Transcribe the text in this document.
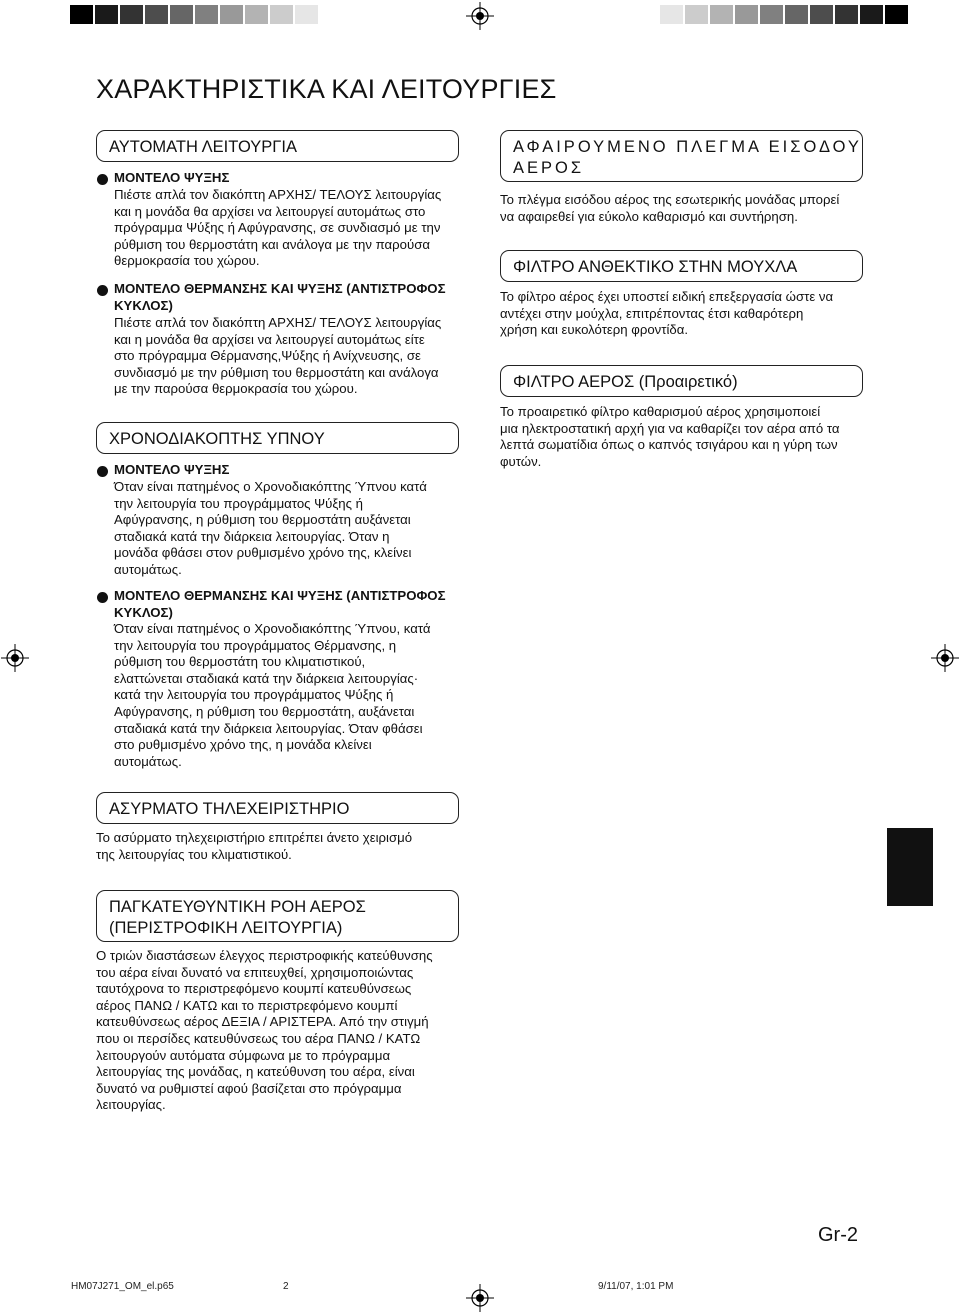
ΧΑΡΑΚΤΗΡΙΣΤΙΚΑ ΚΑΙ ΛΕΙΤΟΥΡΓΙΕΣ
ΑΥΤΟΜΑΤΗ ΛΕΙΤΟΥΡΓΙΑ
ΜΟΝΤΕΛΟ ΨΥΞΗΣ
Πιέστε απλά τον διακόπτη ΑΡΧΗΣ/ ΤΕΛΟΥΣ λειτουργίας
και η μονάδα θα αρχίσει να λειτουργεί αυτομάτως στο
πρόγραμμα Ψύξης ή Αφύγρανσης, σε συνδιασμό με την
ρύθμιση του θερμοστάτη και ανάλογα με την παρούσα
θερμοκρασία του χώρου.
ΜΟΝΤΕΛΟ ΘΕΡΜΑΝΣΗΣ ΚΑΙ ΨΥΞΗΣ (ΑΝΤΙΣΤΡΟΦΟΣ
ΚΥΚΛΟΣ)
Πιέστε απλά τον διακόπτη ΑΡΧΗΣ/ ΤΕΛΟΥΣ λειτουργίας
και η μονάδα θα αρχίσει να λειτουργεί αυτομάτως είτε
στο πρόγραμμα Θέρμανσης,Ψύξης ή Ανίχνευσης, σε
συνδιασμό με την ρύθμιση του θερμοστάτη και ανάλογα
με την παρούσα θερμοκρασία του χώρου.
ΧΡΟΝΟΔΙΑΚΟΠΤΗΣ ΥΠΝΟΥ
ΜΟΝΤΕΛΟ ΨΥΞΗΣ
Όταν είναι πατημένος ο Χρονοδιακόπτης Ύπνου κατά
την λειτουργία του προγράμματος Ψύξης ή
Αφύγρανσης, η ρύθμιση του θερμοστάτη αυξάνεται
σταδιακά κατά την διάρκεια λειτουργίας. Όταν η
μονάδα φθάσει στον ρυθμισμένο χρόνο της, κλείνει
αυτομάτως.
ΜΟΝΤΕΛΟ ΘΕΡΜΑΝΣΗΣ ΚΑΙ ΨΥΞΗΣ (ΑΝΤΙΣΤΡΟΦΟΣ
ΚΥΚΛΟΣ)
Όταν είναι πατημένος ο Χρονοδιακόπτης Ύπνου, κατά
την λειτουργία του προγράμματος Θέρμανσης, η
ρύθμιση του θερμοστάτη του κλιματιστικού,
ελαττώνεται σταδιακά κατά την διάρκεια λειτουργίας·
κατά την λειτουργία του προγράμματος Ψύξης ή
Αφύγρανσης, η ρύθμιση του θερμοστάτη, αυξάνεται
σταδιακά κατά την διάρκεια λειτουργίας. Όταν φθάσει
στο ρυθμισμένο χρόνο της, η μονάδα κλείνει
αυτομάτως.
ΑΣΥΡΜΑΤΟ ΤΗΛΕΧΕΙΡΙΣΤΗΡΙΟ
Το ασύρματο τηλεχειριστήριο επιτρέπει άνετο χειρισμό
της λειτουργίας του κλιματιστικού.
ΠΑΓΚΑΤΕΥΘΥΝΤΙΚΗ ΡΟΗ ΑΕΡΟΣ
(ΠΕΡΙΣΤΡΟΦΙΚΗ ΛΕΙΤΟΥΡΓΙΑ)
Ο τριών διαστάσεων έλεγχος περιστροφικής κατεύθυνσης
του αέρα είναι δυνατό να επιτευχθεί, χρησιμοποιώντας
ταυτόχρονα το περιστρεφόμενο κουμπί κατευθύνσεως
αέρος ΠΑΝΩ / ΚΑΤΩ και το περιστρεφόμενο κουμπί
κατευθύνσεως αέρος ΔΕΞΙΑ / ΑΡΙΣΤΕΡΑ. Από την στιγμή
που οι περσίδες κατευθύνσεως του αέρα ΠΑΝΩ / ΚΑΤΩ
λειτουργούν αυτόματα σύμφωνα με το πρόγραμμα
λειτουργίας της μονάδας, η κατεύθυνση του αέρα, είναι
δυνατό να ρυθμιστεί αφού βασίζεται στο πρόγραμμα
λειτουργίας.
ΑΦΑΙΡΟΥΜΕΝΟ ΠΛΕΓΜΑ ΕΙΣΟΔΟΥ
ΑΕΡΟΣ
Το πλέγμα εισόδου αέρος της εσωτερικής μονάδας μπορεί
να αφαιρεθεί για εύκολο καθαρισμό και συντήρηση.
ΦΙΛΤΡΟ ΑΝΘΕΚΤΙΚΟ ΣΤΗΝ ΜΟΥΧΛΑ
Το φίλτρο αέρος έχει υποστεί ειδική επεξεργασία ώστε να
αντέχει στην μούχλα, επιτρέποντας έτσι καθαρότερη
χρήση και ευκολότερη φροντίδα.
ΦΙΛΤΡΟ ΑΕΡΟΣ (Προαιρετικό)
Το προαιρετικό φίλτρο καθαρισμού αέρος χρησιμοποιεί
μια ηλεκτροστατική αρχή για να καθαρίζει τον αέρα από τα
λεπτά σωματίδια όπως ο καπνός τσιγάρου και η γύρη των
φυτών.
Gr-2
HM07J271_OM_el.p65	2	9/11/07, 1:01 PM
